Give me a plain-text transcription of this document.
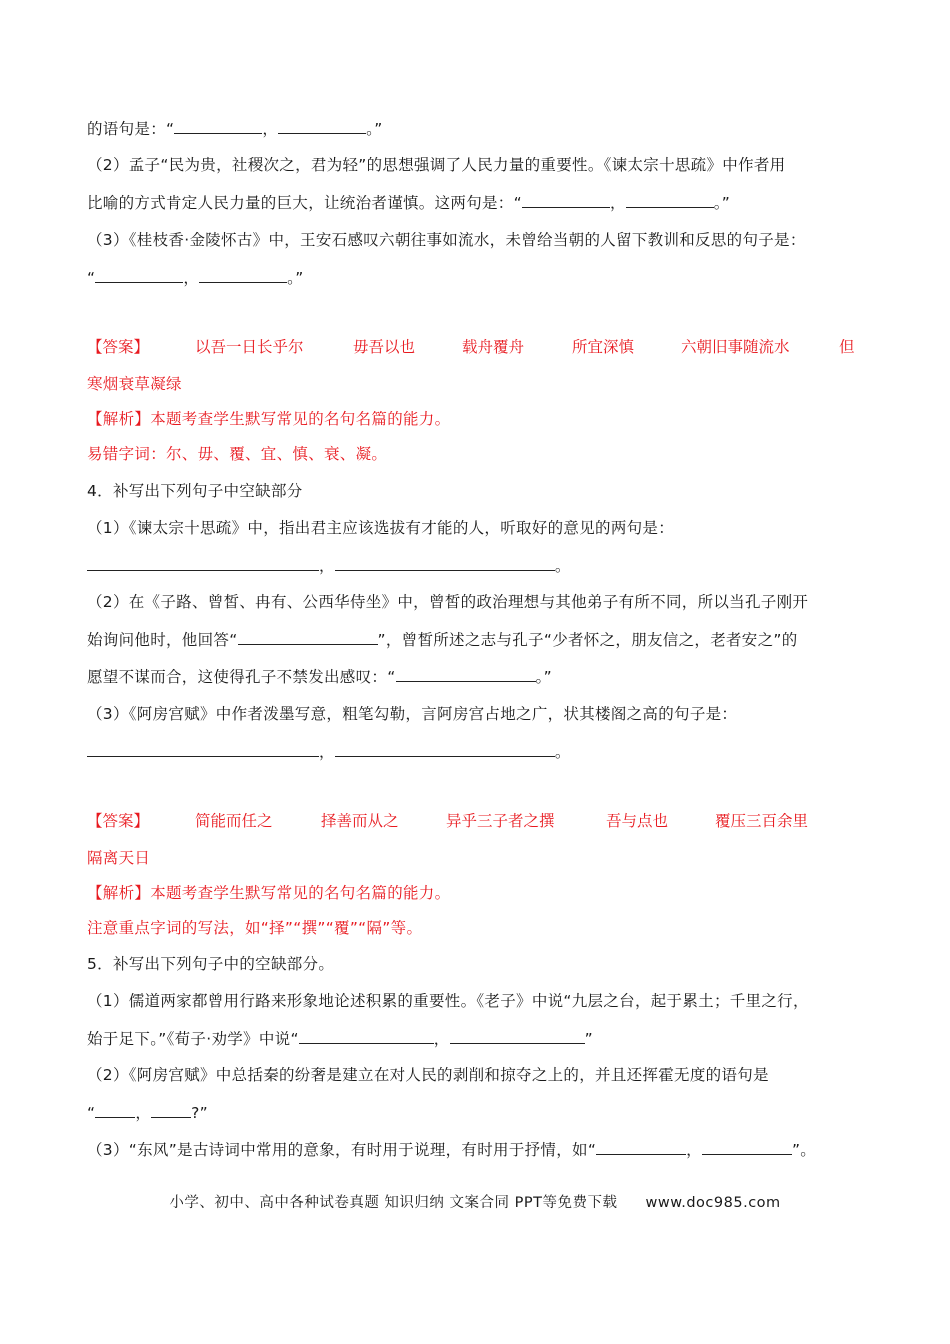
的语句是：“	，	。”
（2）孟子“民为贵，社稷次之，君为轻”的思想强调了人民力量的重要性。《谏太宗十思疏》中作者用
比喻的方式肯定人民力量的巨大，让统治者谨慎。这两句是：“	，	。”
（3）《桂枝香·金陵怀古》中，王安石感叹六朝往事如流水，未曾给当朝的人留下教训和反思的句子是：
“	，	。”
【答案】	以吾一日长乎尔	毋吾以也	载舟覆舟	所宜深慎	六朝旧事随流水	但
寒烟衰草凝绿
【解析】本题考查学生默写常见的名句名篇的能力。
易错字词：尔、毋、覆、宜、慎、衰、凝。
4．补写出下列句子中空缺部分
（1）《谏太宗十思疏》中，指出君主应该选拔有才能的人，听取好的意见的两句是：
，	。
（2）在《子路、曾皙、冉有、公西华侍坐》中，曾皙的政治理想与其他弟子有所不同，所以当孔子刚开
始询问他时，他回答“	”，曾皙所述之志与孔子“少者怀之，朋友信之，老者安之”的
愿望不谋而合，这使得孔子不禁发出感叹：“	。”
（3）《阿房宫赋》中作者泼墨写意，粗笔勾勒，言阿房宫占地之广，状其楼阁之高的句子是：
，	。
【答案】	简能而任之	择善而从之	异乎三子者之撰	吾与点也	覆压三百余里
隔离天日
【解析】本题考查学生默写常见的名句名篇的能力。
注意重点字词的写法，如“择”“撰”“覆”“隔”等。
5．补写出下列句子中的空缺部分。
（1）儒道两家都曾用行路来形象地论述积累的重要性。《老子》中说“九层之台，起于累土；千里之行，
始于足下。”《荀子·劝学》中说“	，	”
（2）《阿房宫赋》中总括秦的纷奢是建立在对人民的剥削和掠夺之上的，并且还挥霍无度的语句是
“	，	?”
（3）“东风”是古诗词中常用的意象，有时用于说理，有时用于抒情，如“	，	”。
小学、初中、高中各种试卷真题 知识归纳 文案合同 PPT等免费下载 www.doc985.com
